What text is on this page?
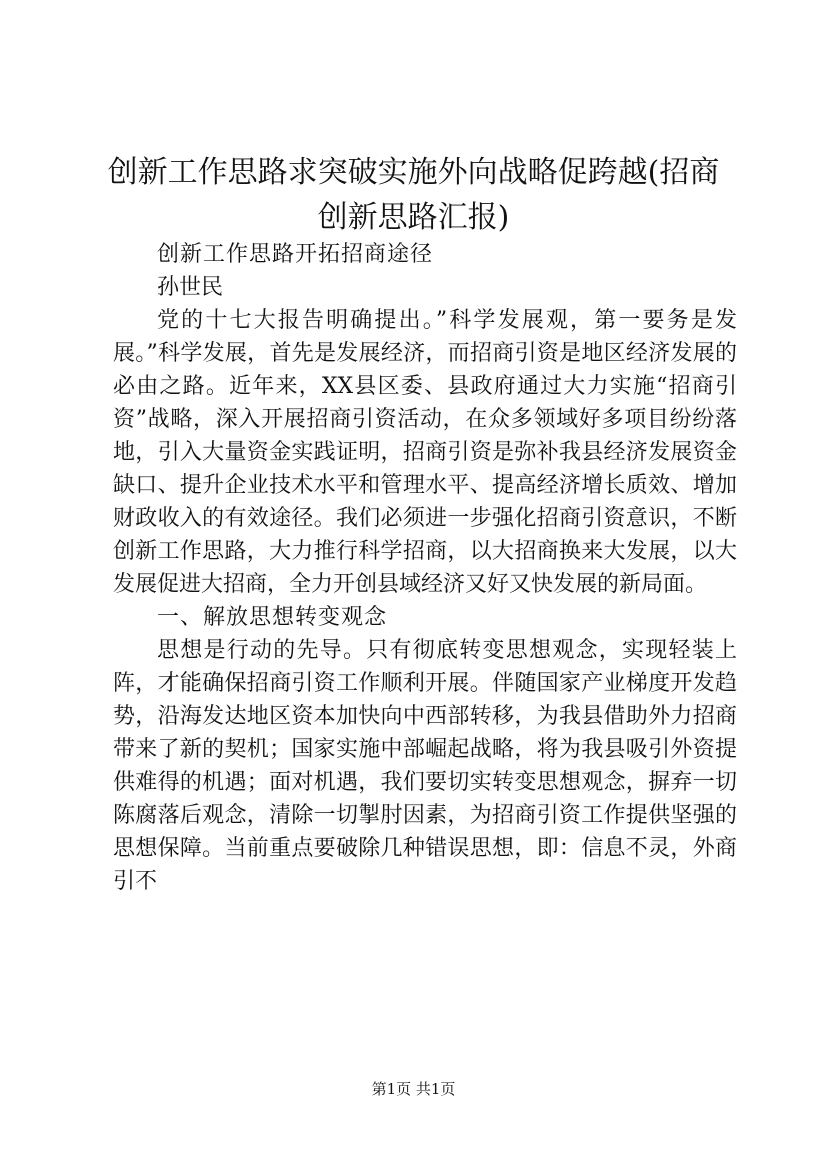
创新工作思路求突破实施外向战略促跨越(招商创新思路汇报)

创新工作思路开拓招商途径

孙世民

党的十七大报告明确提出。”科学发展观，第一要务是发展。”科学发展，首先是发展经济，而招商引资是地区经济发展的必由之路。近年来，XX县区委、县政府通过大力实施“招商引资”战略，深入开展招商引资活动，在众多领域好多项目纷纷落地，引入大量资金实践证明，招商引资是弥补我县经济发展资金缺口、提升企业技术水平和管理水平、提高经济增长质效、增加财政收入的有效途径。我们必须进一步强化招商引资意识，不断创新工作思路，大力推行科学招商，以大招商换来大发展，以大发展促进大招商，全力开创县域经济又好又快发展的新局面。

一、解放思想转变观念

思想是行动的先导。只有彻底转变思想观念，实现轻装上阵，才能确保招商引资工作顺利开展。伴随国家产业梯度开发趋势，沿海发达地区资本加快向中西部转移，为我县借助外力招商带来了新的契机；国家实施中部崛起战略，将为我县吸引外资提供难得的机遇；面对机遇，我们要切实转变思想观念，摒弃一切陈腐落后观念，清除一切掣肘因素，为招商引资工作提供坚强的思想保障。当前重点要破除几种错误思想，即：信息不灵，外商引不

第1页 共1页
